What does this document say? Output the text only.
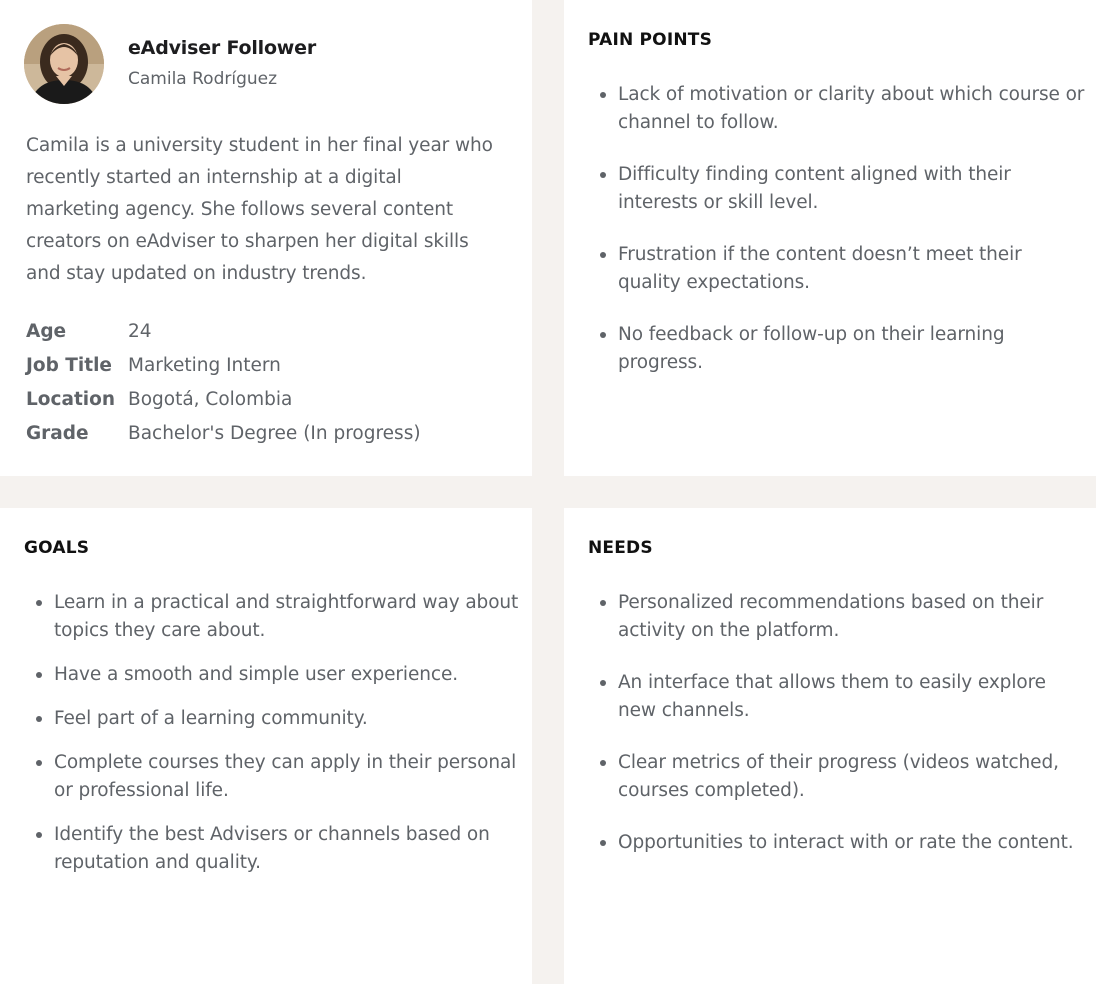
eAdviser Follower
Camila Rodríguez

Camila is a university student in her final year who recently started an internship at a digital marketing agency. She follows several content creators on eAdviser to sharpen her digital skills and stay updated on industry trends.

Age	24
Job Title Marketing Intern
Location Bogotá, Colombia
Grade	Bachelor's Degree (In progress)
PAIN POINTS
Lack of motivation or clarity about which course or channel to follow.
Difficulty finding content aligned with their interests or skill level.
Frustration if the content doesn’t meet their quality expectations.
No feedback or follow-up on their learning progress.
GOALS
Learn in a practical and straightforward way about topics they care about.
Have a smooth and simple user experience.
Feel part of a learning community.
Complete courses they can apply in their personal or professional life.
Identify the best Advisers or channels based on reputation and quality.
NEEDS
Personalized recommendations based on their activity on the platform.
An interface that allows them to easily explore new channels.
Clear metrics of their progress (videos watched, courses completed).
Opportunities to interact with or rate the content.
